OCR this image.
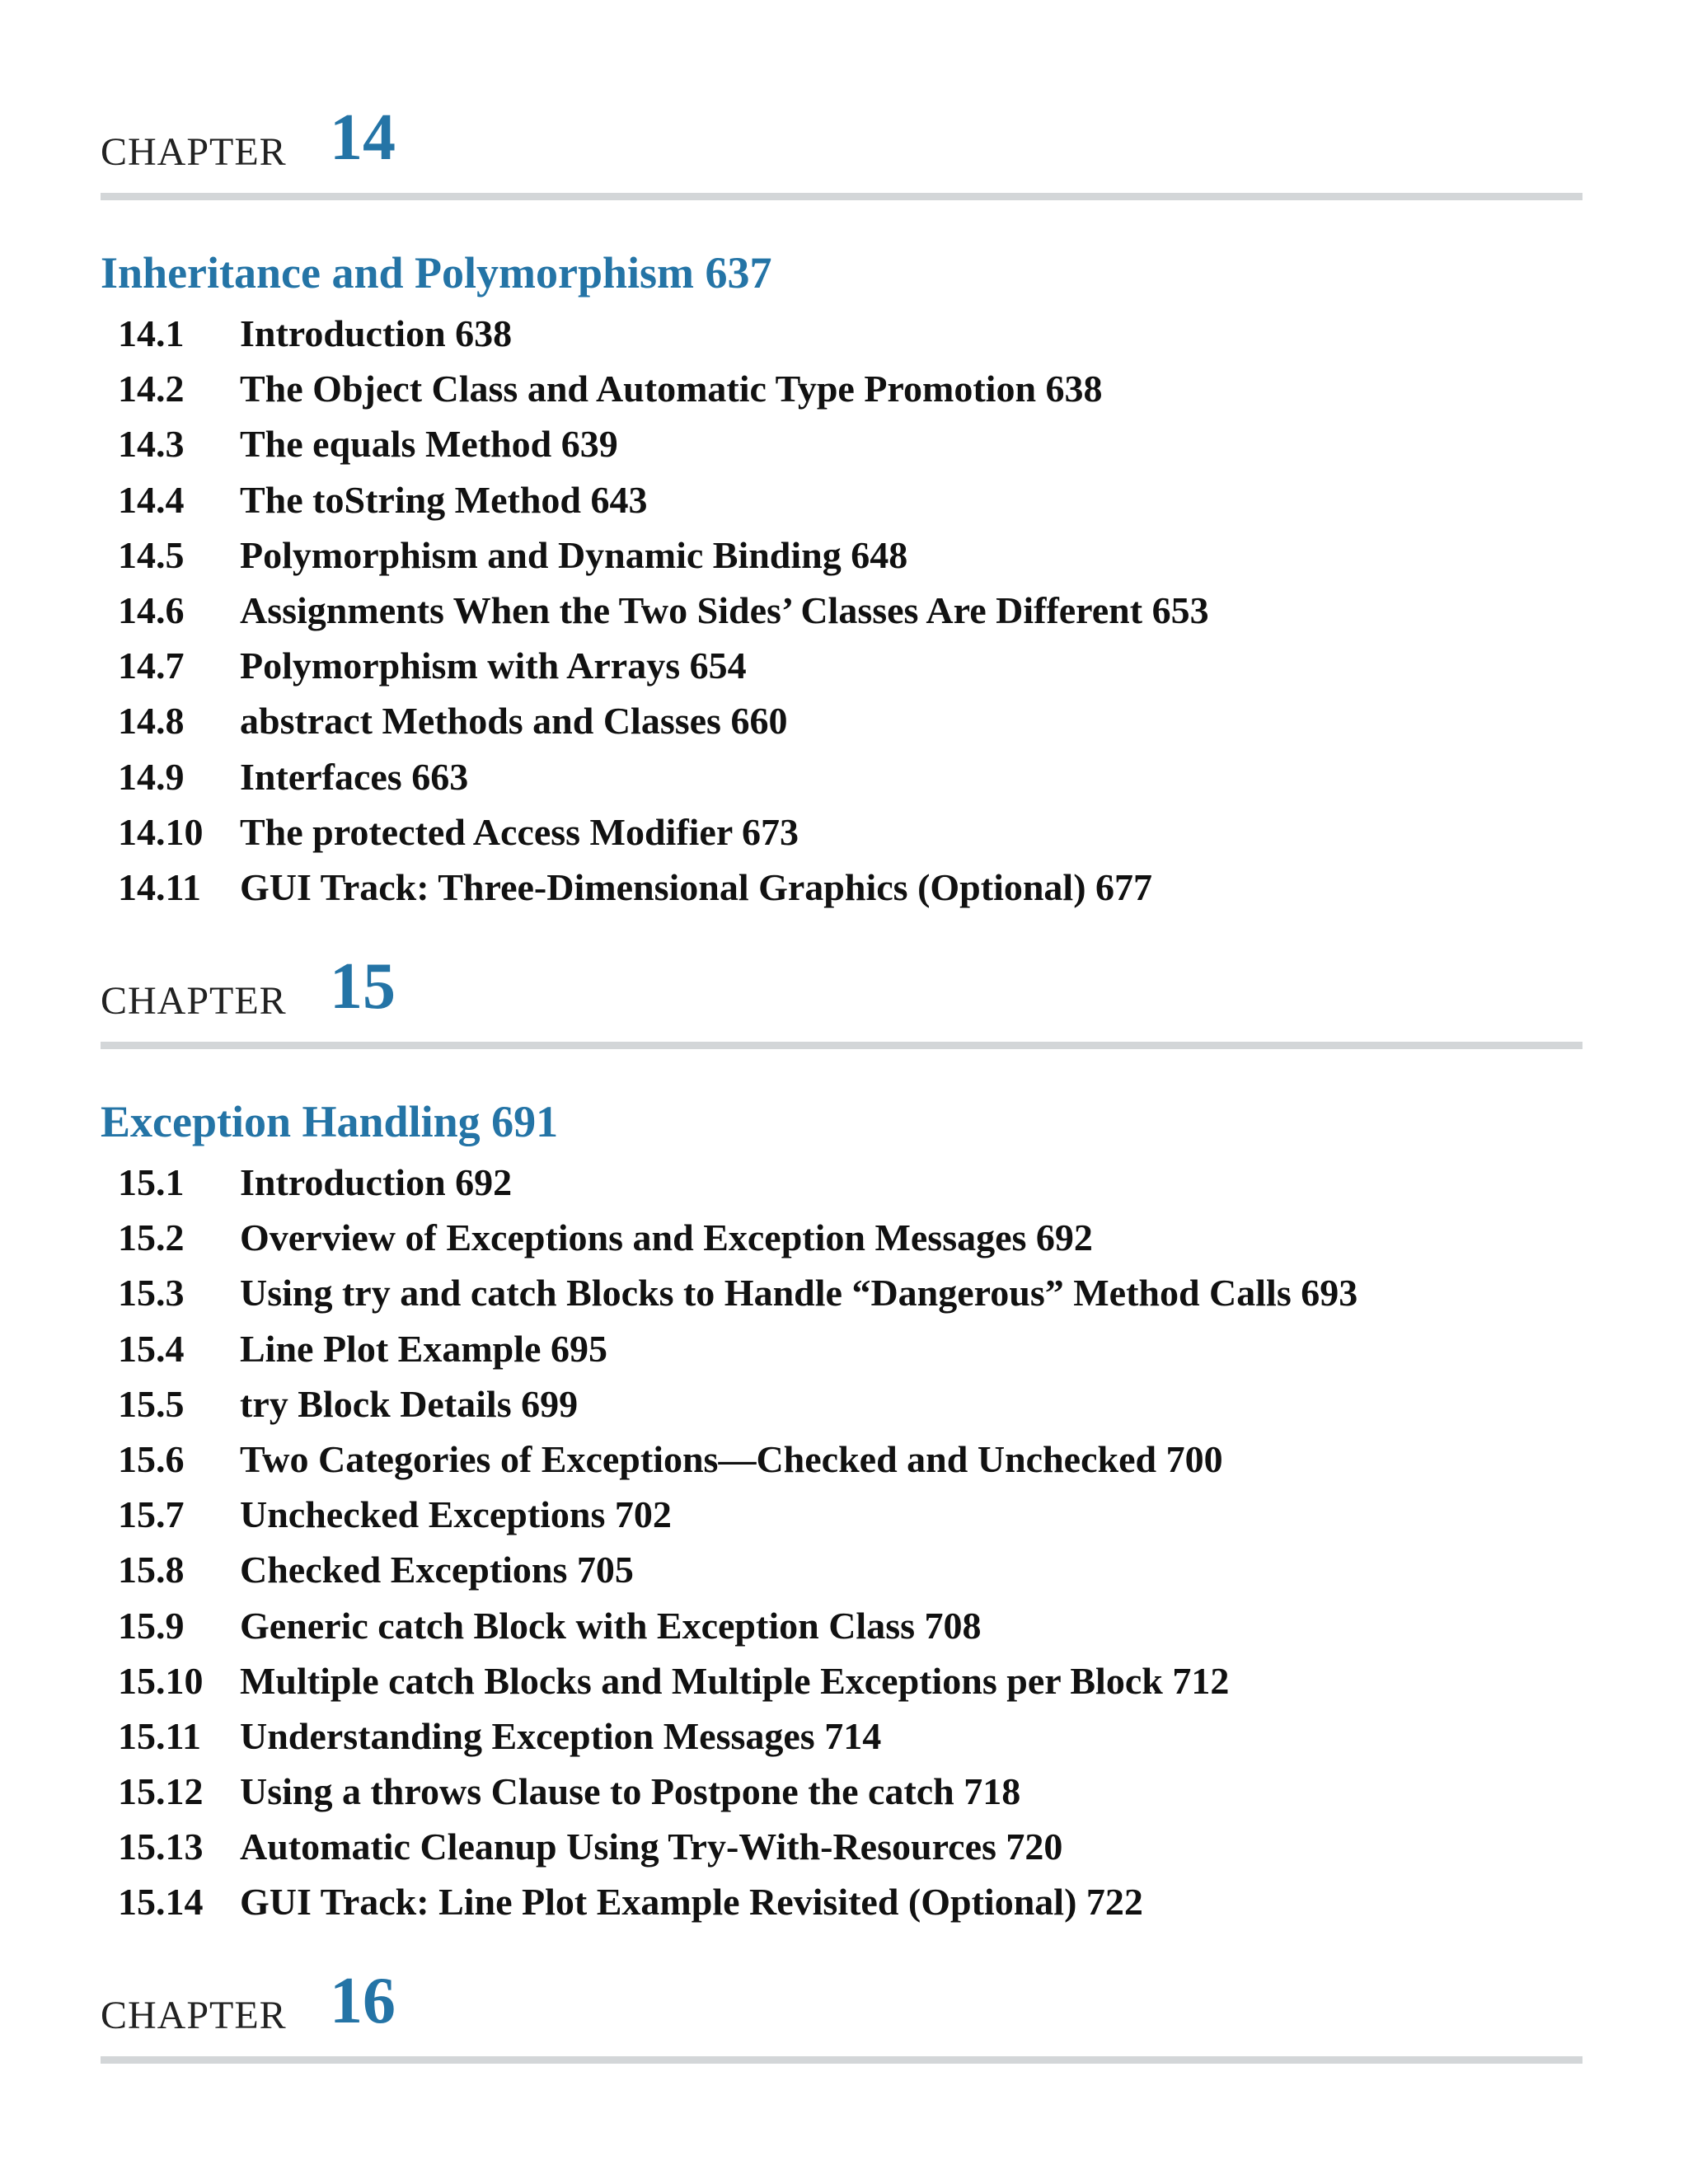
CHAPTER 14
Inheritance and Polymorphism 637
14.1	Introduction 638
14.2	The Object Class and Automatic Type Promotion 638
14.3	The equals Method 639
14.4	The toString Method 643
14.5	Polymorphism and Dynamic Binding 648
14.6	Assignments When the Two Sides’ Classes Are Different 653
14.7	Polymorphism with Arrays 654
14.8	abstract Methods and Classes 660
14.9	Interfaces 663
14.10 The protected Access Modifier 673
14.11	GUI Track: Three-Dimensional Graphics (Optional) 677
CHAPTER 15
Exception Handling 691
15.1	Introduction 692
15.2	Overview of Exceptions and Exception Messages 692
15.3	Using try and catch Blocks to Handle “Dangerous” Method Calls 693
15.4	Line Plot Example 695
15.5	try Block Details 699
15.6	Two Categories of Exceptions—Checked and Unchecked 700
15.7	Unchecked Exceptions 702
15.8	Checked Exceptions 705
15.9	Generic catch Block with Exception Class 708
15.10 Multiple catch Blocks and Multiple Exceptions per Block 712
15.11	Understanding Exception Messages 714
15.12 Using a throws Clause to Postpone the catch 718
15.13 Automatic Cleanup Using Try-With-Resources 720
15.14 GUI Track: Line Plot Example Revisited (Optional) 722
CHAPTER 16
